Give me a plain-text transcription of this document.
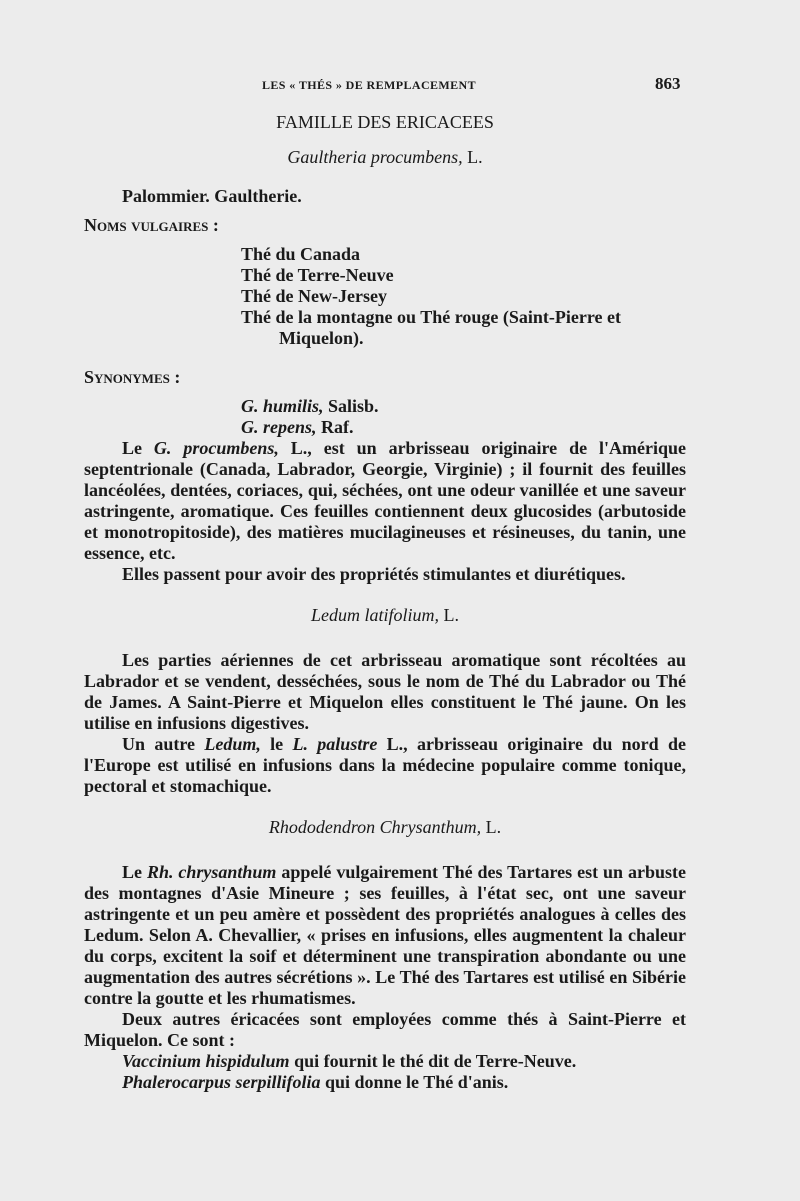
LES « THÉS » DE REMPLACEMENT	863
FAMILLE DES ERICACEES
Gaultheria procumbens, L.

Palommier. Gaultherie.

Noms vulgaires :

Thé du Canada
Thé de Terre-Neuve
Thé de New-Jersey
Thé de la montagne ou Thé rouge (Saint-Pierre et
Miquelon).

Synonymes :

G. humilis, Salisb.
G. repens, Raf.

Le G. procumbens, L., est un arbrisseau originaire de l'Amérique septentrionale (Canada, Labrador, Georgie, Virginie) ; il fournit des feuilles lancéolées, dentées, coriaces, qui, séchées, ont une odeur vanillée et une saveur astringente, aromatique. Ces feuilles contiennent deux glucosides (arbutoside et monotropitoside), des matières mucilagineuses et résineuses, du tanin, une essence, etc.

Elles passent pour avoir des propriétés stimulantes et diurétiques.

Ledum latifolium, L.

Les parties aériennes de cet arbrisseau aromatique sont récoltées au Labrador et se vendent, desséchées, sous le nom de Thé du Labrador ou Thé de James. A Saint-Pierre et Miquelon elles constituent le Thé jaune. On les utilise en infusions digestives.

Un autre Ledum, le L. palustre L., arbrisseau originaire du nord de l'Europe est utilisé en infusions dans la médecine populaire comme tonique, pectoral et stomachique.

Rhododendron Chrysanthum, L.

Le Rh. chrysanthum appelé vulgairement Thé des Tartares est un arbuste des montagnes d'Asie Mineure ; ses feuilles, à l'état sec, ont une saveur astringente et un peu amère et possèdent des propriétés analogues à celles des Ledum. Selon A. Chevallier, « prises en infusions, elles augmentent la chaleur du corps, excitent la soif et déterminent une transpiration abondante ou une augmentation des autres sécrétions ». Le Thé des Tartares est utilisé en Sibérie contre la goutte et les rhumatismes.

Deux autres éricacées sont employées comme thés à Saint-Pierre et Miquelon. Ce sont :

Vaccinium hispidulum qui fournit le thé dit de Terre-Neuve.

Phalerocarpus serpillifolia qui donne le Thé d'anis.
